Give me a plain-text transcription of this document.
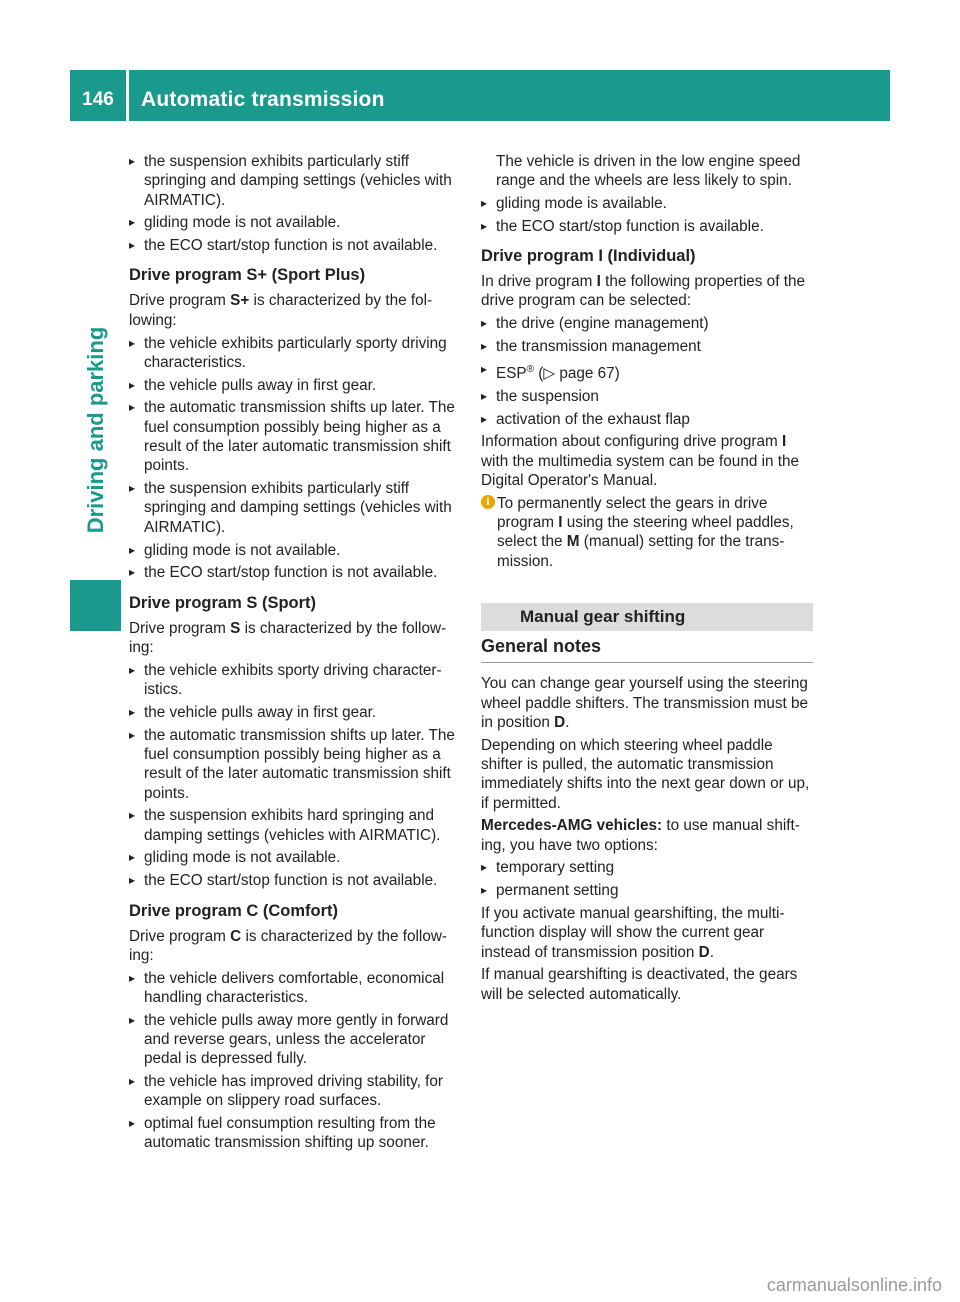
146	Automatic transmission
Driving and parking
▸ the suspension exhibits particularly stiff springing and damping settings (vehicles with AIRMATIC).
▸ gliding mode is not available.
▸ the ECO start/stop function is not available.
Drive program S+ (Sport Plus)

Drive program S+ is characterized by the fol- lowing:

▸ the vehicle exhibits particularly sporty driving characteristics.
▸ the vehicle pulls away in first gear.
▸ the automatic transmission shifts up later. The fuel consumption possibly being higher as a result of the later automatic transmission shift points.
▸ the suspension exhibits particularly stiff springing and damping settings (vehicles with AIRMATIC).
▸ gliding mode is not available.
▸ the ECO start/stop function is not available.
Drive program S (Sport)

Drive program S is characterized by the follow- ing:

▸ the vehicle exhibits sporty driving character- istics.
▸ the vehicle pulls away in first gear.
▸ the automatic transmission shifts up later. The fuel consumption possibly being higher as a result of the later automatic transmission shift points.
▸ the suspension exhibits hard springing and damping settings (vehicles with AIRMATIC).
▸ gliding mode is not available.
▸ the ECO start/stop function is not available.
Drive program C (Comfort)

Drive program C is characterized by the follow- ing:

▸ the vehicle delivers comfortable, economical handling characteristics.
▸ the vehicle pulls away more gently in forward and reverse gears, unless the accelerator pedal is depressed fully.
▸ the vehicle has improved driving stability, for example on slippery road surfaces.
▸ optimal fuel consumption resulting from the automatic transmission shifting up sooner.
The vehicle is driven in the low engine speed range and the wheels are less likely to spin.
▸ gliding mode is available.
▸ the ECO start/stop function is available.
Drive program I (Individual)

In drive program I the following properties of the drive program can be selected:

▸ the drive (engine management)
▸ the transmission management
▸ ESP® (▷ page 67)
▸ the suspension
▸ activation of the exhaust flap

Information about configuring drive program I with the multimedia system can be found in the Digital Operator's Manual.

i To permanently select the gears in drive program I using the steering wheel paddles, select the M (manual) setting for the trans- mission.

Manual gear shifting
General notes

You can change gear yourself using the steering wheel paddle shifters. The transmission must be in position D.

Depending on which steering wheel paddle shifter is pulled, the automatic transmission immediately shifts into the next gear down or up, if permitted.

Mercedes-AMG vehicles: to use manual shift- ing, you have two options:

▸ temporary setting
▸ permanent setting

If you activate manual gearshifting, the multi- function display will show the current gear instead of transmission position D.

If manual gearshifting is deactivated, the gears will be selected automatically.

carmanualsonline.info
